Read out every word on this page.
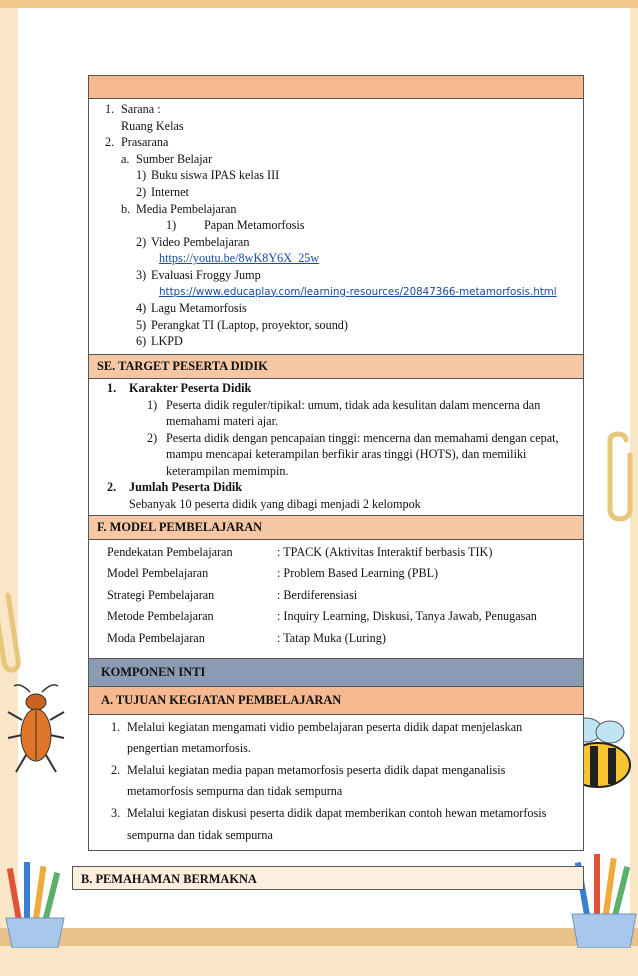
1. Sarana :
Ruang Kelas
2. Prasarana
a. Sumber Belajar
1) Buku siswa IPAS kelas III
2) Internet
b. Media Pembelajaran
1) Papan Metamorfosis
2) Video Pembelajaran
https://youtu.be/8wK8Y6X_25w
3) Evaluasi Froggy Jump
https://www.educaplay.com/learning-resources/20847366-metamorfosis.html
4) Lagu Metamorfosis
5) Perangkat TI (Laptop, proyektor, sound)
6) LKPD
SE. TARGET PESERTA DIDIK
1. Karakter Peserta Didik
1) Peserta didik reguler/tipikal: umum, tidak ada kesulitan dalam mencerna dan
memahami materi ajar.
2) Peserta didik dengan pencapaian tinggi: mencerna dan memahami dengan cepat,
mampu mencapai keterampilan berfikir aras tinggi (HOTS), dan memiliki
keterampilan memimpin.
2. Jumlah Peserta Didik
Sebanyak 10 peserta didik yang dibagi menjadi 2 kelompok
F. MODEL PEMBELAJARAN
Pendekatan Pembelajaran	: TPACK (Aktivitas Interaktif berbasis TIK)
Model Pembelajaran	: Problem Based Learning (PBL)
Strategi Pembelajaran	: Berdiferensiasi
Metode Pembelajaran	: Inquiry Learning, Diskusi, Tanya Jawab, Penugasan
Moda Pembelajaran	: Tatap Muka (Luring)
KOMPONEN INTI
A. TUJUAN KEGIATAN PEMBELAJARAN
1. Melalui kegiatan mengamati vidio pembelajaran peserta didik dapat menjelaskan
pengertian metamorfosis.
2. Melalui kegiatan media papan metamorfosis peserta didik dapat menganalisis
metamorfosis sempurna dan tidak sempurna
3. Melalui kegiatan diskusi peserta didik dapat memberikan contoh hewan metamorfosis
sempurna dan tidak sempurna
B. PEMAHAMAN BERMAKNA
